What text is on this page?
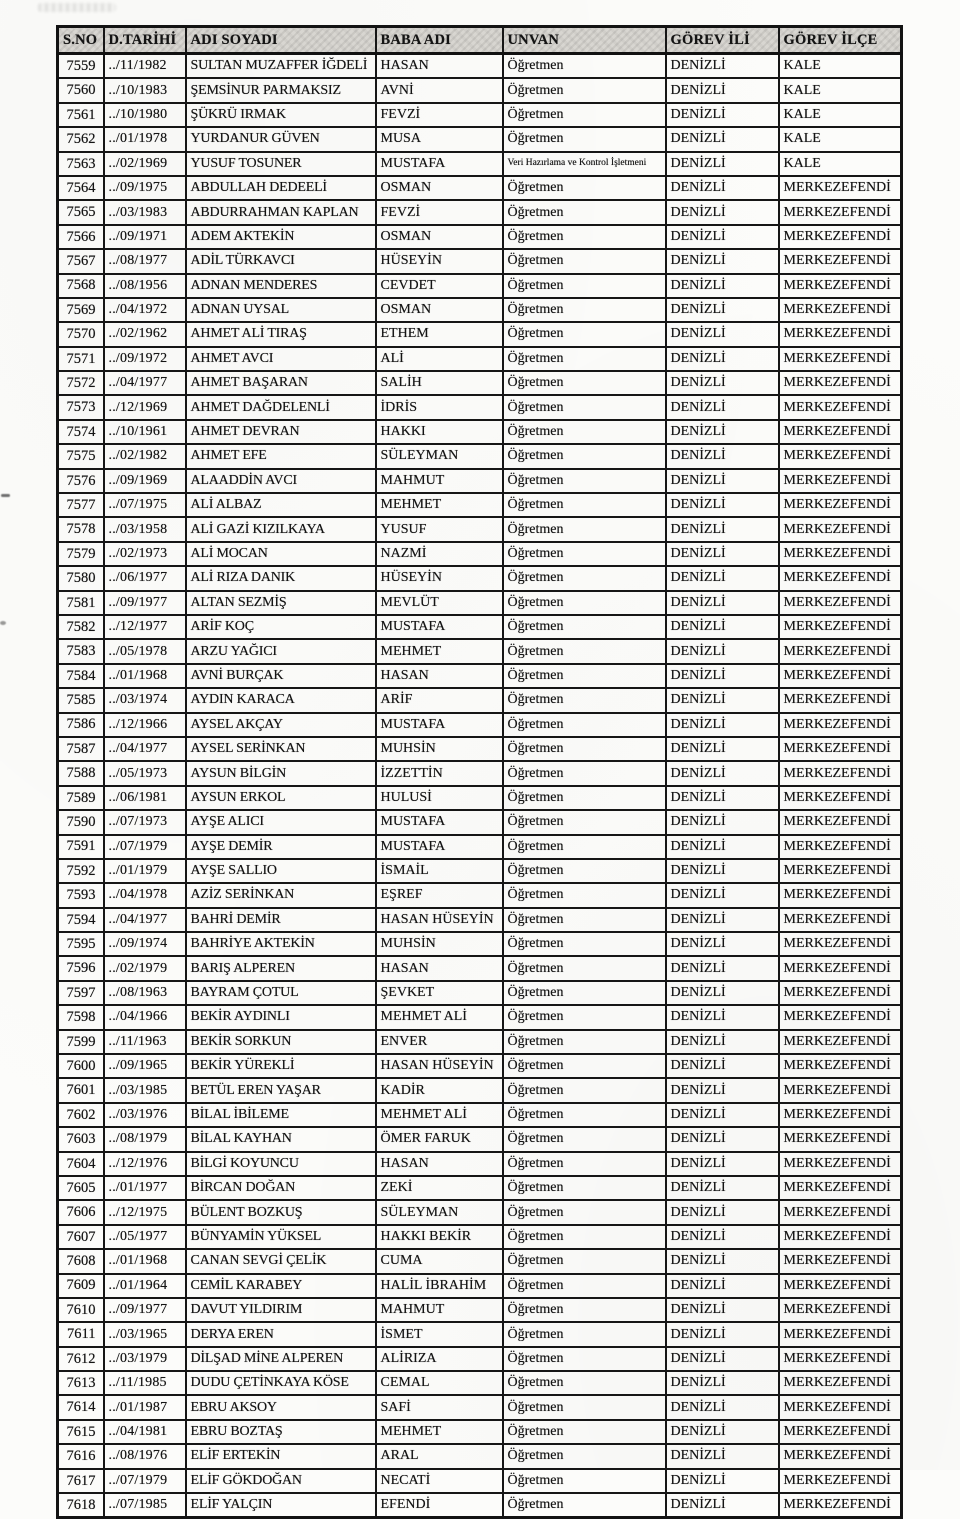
S.NO	D.TARİHİ	ADI SOYADI	BABA ADI	UNVAN	GÖREV İLİ	GÖREV İLÇE
7559	../11/1982	SULTAN MUZAFFER İĞDELİ	HASAN	Öğretmen	DENİZLİ	KALE
7560	../10/1983	ŞEMSİNUR PARMAKSIZ	AVNİ	Öğretmen	DENİZLİ	KALE
7561	../10/1980	ŞÜKRÜ IRMAK	FEVZİ	Öğretmen	DENİZLİ	KALE
7562	../01/1978	YURDANUR GÜVEN	MUSA	Öğretmen	DENİZLİ	KALE
7563	../02/1969	YUSUF TOSUNER	MUSTAFA	Veri Hazırlama ve Kontrol İşletmeni	DENİZLİ	KALE
7564	../09/1975	ABDULLAH DEDEELİ	OSMAN	Öğretmen	DENİZLİ	MERKEZEFENDİ
7565	../03/1983	ABDURRAHMAN KAPLAN	FEVZİ	Öğretmen	DENİZLİ	MERKEZEFENDİ
7566	../09/1971	ADEM AKTEKİN	OSMAN	Öğretmen	DENİZLİ	MERKEZEFENDİ
7567	../08/1977	ADİL TÜRKAVCI	HÜSEYİN	Öğretmen	DENİZLİ	MERKEZEFENDİ
7568	../08/1956	ADNAN MENDERES	CEVDET	Öğretmen	DENİZLİ	MERKEZEFENDİ
7569	../04/1972	ADNAN UYSAL	OSMAN	Öğretmen	DENİZLİ	MERKEZEFENDİ
7570	../02/1962	AHMET ALİ TIRAŞ	ETHEM	Öğretmen	DENİZLİ	MERKEZEFENDİ
7571	../09/1972	AHMET AVCI	ALİ	Öğretmen	DENİZLİ	MERKEZEFENDİ
7572	../04/1977	AHMET BAŞARAN	SALİH	Öğretmen	DENİZLİ	MERKEZEFENDİ
7573	../12/1969	AHMET DAĞDELENLİ	İDRİS	Öğretmen	DENİZLİ	MERKEZEFENDİ
7574	../10/1961	AHMET DEVRAN	HAKKI	Öğretmen	DENİZLİ	MERKEZEFENDİ
7575	../02/1982	AHMET EFE	SÜLEYMAN	Öğretmen	DENİZLİ	MERKEZEFENDİ
7576	../09/1969	ALAADDİN AVCI	MAHMUT	Öğretmen	DENİZLİ	MERKEZEFENDİ
7577	../07/1975	ALİ ALBAZ	MEHMET	Öğretmen	DENİZLİ	MERKEZEFENDİ
7578	../03/1958	ALİ GAZİ KIZILKAYA	YUSUF	Öğretmen	DENİZLİ	MERKEZEFENDİ
7579	../02/1973	ALİ MOCAN	NAZMİ	Öğretmen	DENİZLİ	MERKEZEFENDİ
7580	../06/1977	ALİ RIZA DANIK	HÜSEYİN	Öğretmen	DENİZLİ	MERKEZEFENDİ
7581	../09/1977	ALTAN SEZMİŞ	MEVLÜT	Öğretmen	DENİZLİ	MERKEZEFENDİ
7582	../12/1977	ARİF KOÇ	MUSTAFA	Öğretmen	DENİZLİ	MERKEZEFENDİ
7583	../05/1978	ARZU YAĞICI	MEHMET	Öğretmen	DENİZLİ	MERKEZEFENDİ
7584	../01/1968	AVNİ BURÇAK	HASAN	Öğretmen	DENİZLİ	MERKEZEFENDİ
7585	../03/1974	AYDIN KARACA	ARİF	Öğretmen	DENİZLİ	MERKEZEFENDİ
7586	../12/1966	AYSEL AKÇAY	MUSTAFA	Öğretmen	DENİZLİ	MERKEZEFENDİ
7587	../04/1977	AYSEL SERİNKAN	MUHSİN	Öğretmen	DENİZLİ	MERKEZEFENDİ
7588	../05/1973	AYSUN BİLGİN	İZZETTİN	Öğretmen	DENİZLİ	MERKEZEFENDİ
7589	../06/1981	AYSUN ERKOL	HULUSİ	Öğretmen	DENİZLİ	MERKEZEFENDİ
7590	../07/1973	AYŞE ALICI	MUSTAFA	Öğretmen	DENİZLİ	MERKEZEFENDİ
7591	../07/1979	AYŞE DEMİR	MUSTAFA	Öğretmen	DENİZLİ	MERKEZEFENDİ
7592	../01/1979	AYŞE SALLIO	İSMAİL	Öğretmen	DENİZLİ	MERKEZEFENDİ
7593	../04/1978	AZİZ SERİNKAN	EŞREF	Öğretmen	DENİZLİ	MERKEZEFENDİ
7594	../04/1977	BAHRİ DEMİR	HASAN HÜSEYİN	Öğretmen	DENİZLİ	MERKEZEFENDİ
7595	../09/1974	BAHRİYE AKTEKİN	MUHSİN	Öğretmen	DENİZLİ	MERKEZEFENDİ
7596	../02/1979	BARIŞ ALPEREN	HASAN	Öğretmen	DENİZLİ	MERKEZEFENDİ
7597	../08/1963	BAYRAM ÇOTUL	ŞEVKET	Öğretmen	DENİZLİ	MERKEZEFENDİ
7598	../04/1966	BEKİR AYDINLI	MEHMET ALİ	Öğretmen	DENİZLİ	MERKEZEFENDİ
7599	../11/1963	BEKİR SORKUN	ENVER	Öğretmen	DENİZLİ	MERKEZEFENDİ
7600	../09/1965	BEKİR YÜREKLİ	HASAN HÜSEYİN	Öğretmen	DENİZLİ	MERKEZEFENDİ
7601	../03/1985	BETÜL EREN YAŞAR	KADİR	Öğretmen	DENİZLİ	MERKEZEFENDİ
7602	../03/1976	BİLAL İBİLEME	MEHMET ALİ	Öğretmen	DENİZLİ	MERKEZEFENDİ
7603	../08/1979	BİLAL KAYHAN	ÖMER FARUK	Öğretmen	DENİZLİ	MERKEZEFENDİ
7604	../12/1976	BİLGİ KOYUNCU	HASAN	Öğretmen	DENİZLİ	MERKEZEFENDİ
7605	../01/1977	BİRCAN DOĞAN	ZEKİ	Öğretmen	DENİZLİ	MERKEZEFENDİ
7606	../12/1975	BÜLENT BOZKUŞ	SÜLEYMAN	Öğretmen	DENİZLİ	MERKEZEFENDİ
7607	../05/1977	BÜNYAMİN YÜKSEL	HAKKI BEKİR	Öğretmen	DENİZLİ	MERKEZEFENDİ
7608	../01/1968	CANAN SEVGİ ÇELİK	CUMA	Öğretmen	DENİZLİ	MERKEZEFENDİ
7609	../01/1964	CEMİL KARABEY	HALİL İBRAHİM	Öğretmen	DENİZLİ	MERKEZEFENDİ
7610	../09/1977	DAVUT YILDIRIM	MAHMUT	Öğretmen	DENİZLİ	MERKEZEFENDİ
7611	../03/1965	DERYA EREN	İSMET	Öğretmen	DENİZLİ	MERKEZEFENDİ
7612	../03/1979	DİLŞAD MİNE ALPEREN	ALİRIZA	Öğretmen	DENİZLİ	MERKEZEFENDİ
7613	../11/1985	DUDU ÇETİNKAYA KÖSE	CEMAL	Öğretmen	DENİZLİ	MERKEZEFENDİ
7614	../01/1987	EBRU AKSOY	SAFİ	Öğretmen	DENİZLİ	MERKEZEFENDİ
7615	../04/1981	EBRU BOZTAŞ	MEHMET	Öğretmen	DENİZLİ	MERKEZEFENDİ
7616	../08/1976	ELİF ERTEKİN	ARAL	Öğretmen	DENİZLİ	MERKEZEFENDİ
7617	../07/1979	ELİF GÖKDOĞAN	NECATİ	Öğretmen	DENİZLİ	MERKEZEFENDİ
7618	../07/1985	ELİF YALÇIN	EFENDİ	Öğretmen	DENİZLİ	MERKEZEFENDİ
